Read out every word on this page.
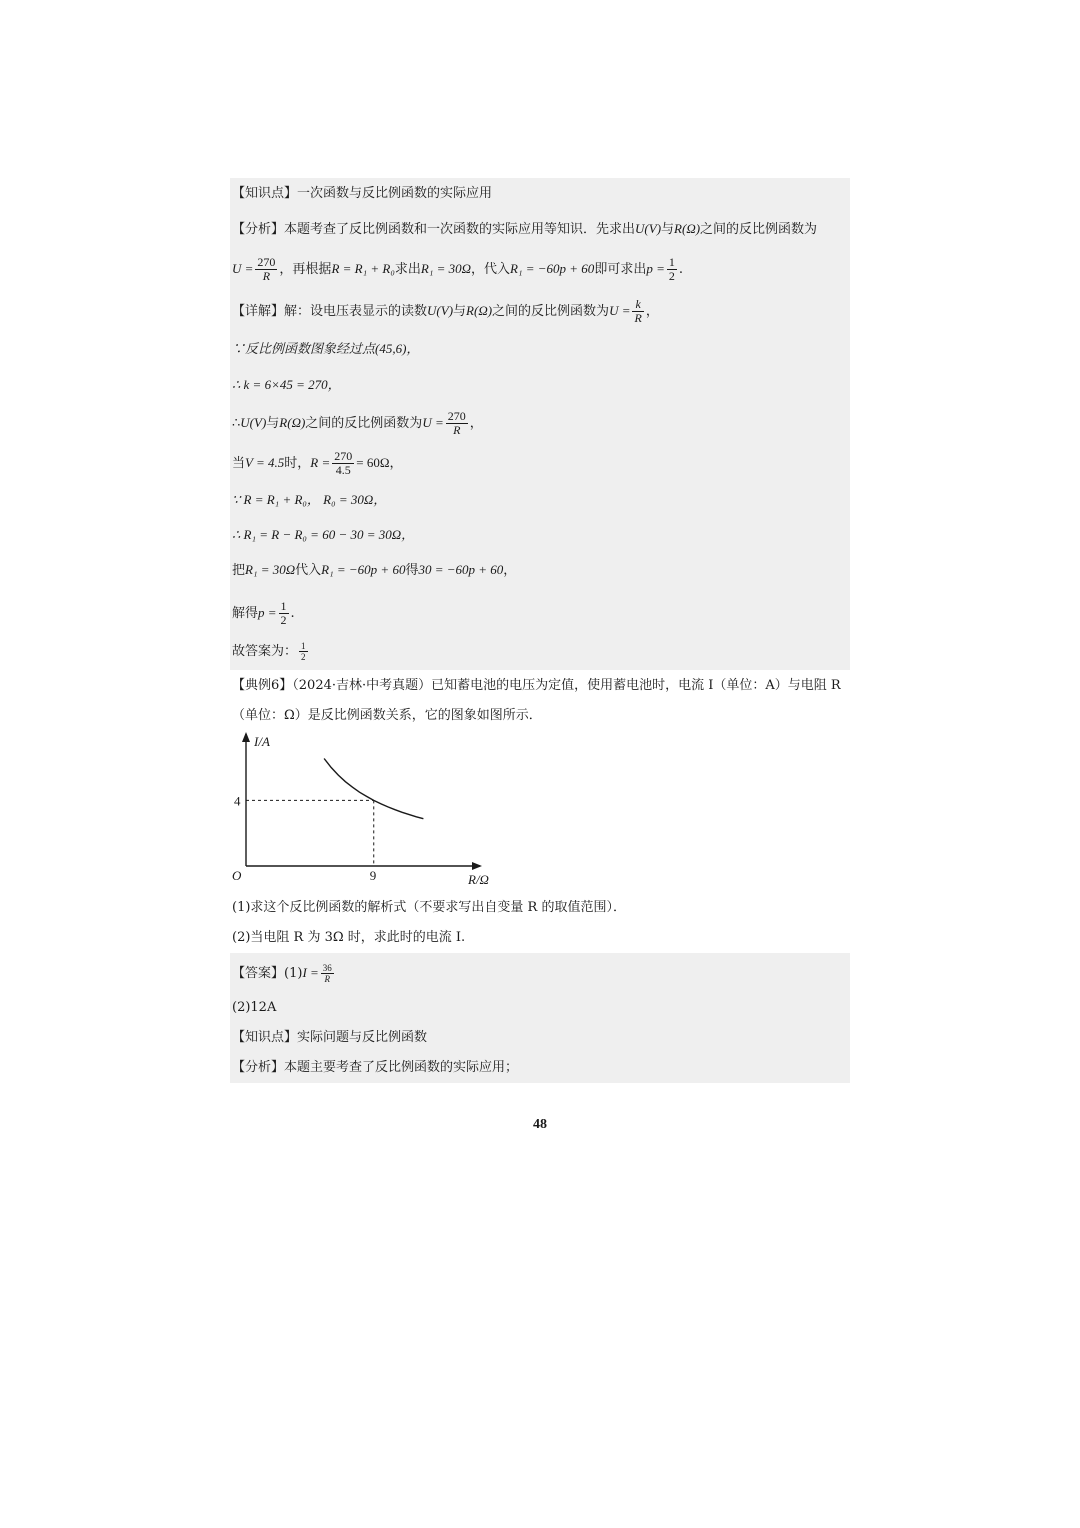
【知识点】一次函数与反比例函数的实际应用
【分析】本题考查了反比例函数和一次函数的实际应用等知识．先求出U(V)与R(Ω)之间的反比例函数为
$U = \frac{270}{R}$ ，再根据R = R₁ + R₀求出R₁ = 30Ω，代入R₁ = −60p + 60即可求出$p = \frac{1}{2}$ .
【详解】解：设电压表显示的读数U(V)与R(Ω)之间的反比例函数为$U = \frac{k}{R}$ ，
∵反比例函数图象经过点(45,6)，
∴ k = 6×45 = 270，
∴U(V)与R(Ω)之间的反比例函数为$U = \frac{270}{R}$ ，
当V = 4.5时，$R = \frac{270}{4.5} = 60\Omega$，
∵ R = R₁ + R₀， R₀ = 30Ω，
∴ R₁ = R − R₀ = 60 − 30 = 30Ω，
把R₁ = 30Ω代入R₁ = −60p + 60得30 = −60p + 60，
解得$p = \frac{1}{2}$ .
故答案为： $\frac{1}{2}$
【典例6】（2024·吉林·中考真题）已知蓄电池的电压为定值，使用蓄电池时，电流 I（单位：A）与电阻 R
（单位：Ω）是反比例函数关系，它的图象如图所示．
I/A
R/Ω
O
4
9
(1)求这个反比例函数的解析式（不要求写出自变量 R 的取值范围）．
(2)当电阻 R 为 3Ω 时，求此时的电流 I.
【答案】$(1)I = \frac{36}{R}$
(2)12A
【知识点】实际问题与反比例函数
【分析】本题主要考查了反比例函数的实际应用；
48
